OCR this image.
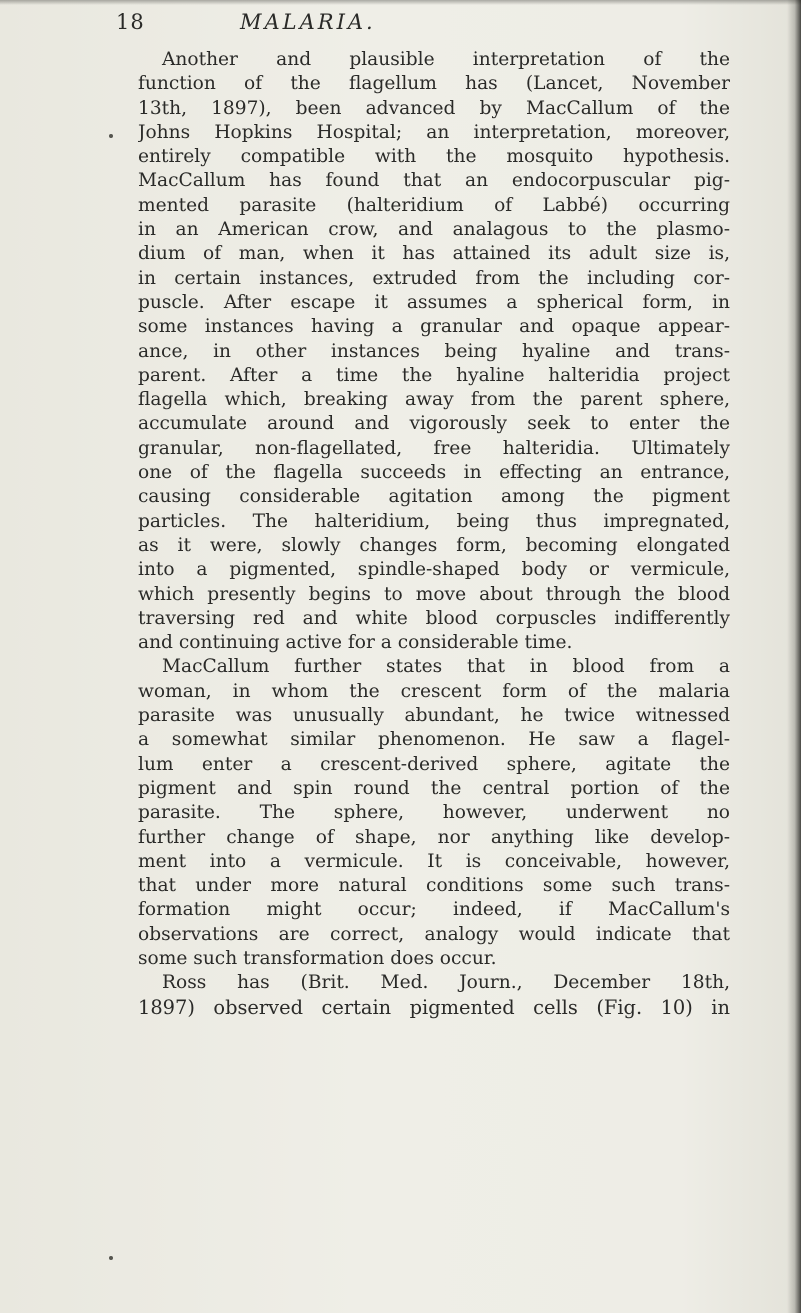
18	MALARIA.
Another and plausible interpretation of the
function of the flagellum has (Lancet, November
13th, 1897), been advanced by MacCallum of the
Johns Hopkins Hospital; an interpretation, moreover,
entirely compatible with the mosquito hypothesis.
MacCallum has found that an endocorpuscular pig-
mented parasite (halteridium of Labbé) occurring
in an American crow, and analagous to the plasmo-
dium of man, when it has attained its adult size is,
in certain instances, extruded from the including cor-
puscle. After escape it assumes a spherical form, in
some instances having a granular and opaque appear-
ance, in other instances being hyaline and trans-
parent. After a time the hyaline halteridia project
flagella which, breaking away from the parent sphere,
accumulate around and vigorously seek to enter the
granular, non-flagellated, free halteridia. Ultimately
one of the flagella succeeds in effecting an entrance,
causing considerable agitation among the pigment
particles. The halteridium, being thus impregnated,
as it were, slowly changes form, becoming elongated
into a pigmented, spindle-shaped body or vermicule,
which presently begins to move about through the blood
traversing red and white blood corpuscles indifferently
and continuing active for a considerable time.
MacCallum further states that in blood from a
woman, in whom the crescent form of the malaria
parasite was unusually abundant, he twice witnessed
a somewhat similar phenomenon. He saw a flagel-
lum enter a crescent-derived sphere, agitate the
pigment and spin round the central portion of the
parasite. The sphere, however, underwent no
further change of shape, nor anything like develop-
ment into a vermicule. It is conceivable, however,
that under more natural conditions some such trans-
formation might occur; indeed, if MacCallum's
observations are correct, analogy would indicate that
some such transformation does occur.
Ross has (Brit. Med. Journ., December 18th,
1897) observed certain pigmented cells (Fig. 10) in
